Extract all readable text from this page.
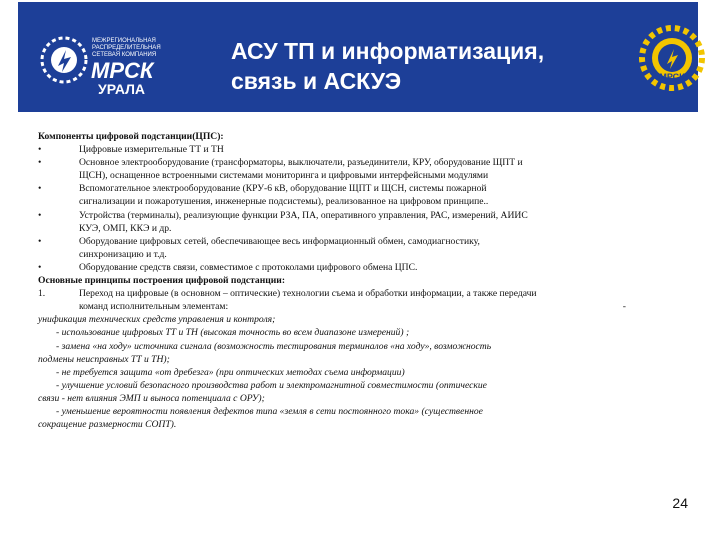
МЕЖРЕГИОНАЛЬНАЯ
РАСПРЕДЕЛИТЕЛЬНАЯ
СЕТЕВАЯ КОМПАНИЯ
МРСК
УРАЛА
АСУ ТП и информатизация,
связь и АСКУЭ	МРСК
Компоненты цифровой подстанции(ЦПС):
•	Цифровые измерительные ТТ и ТН
•	Основное электрооборудование (трансформаторы, выключатели, разъединители, КРУ, оборудование ЩПТ и
ЩСН), оснащенное встроенными системами мониторинга и цифровыми интерфейсными модулями
•	Вспомогательное электрооборудование (КРУ-6 кВ, оборудование ЩПТ и ЩСН, системы пожарной
сигнализации и пожаротушения, инженерные подсистемы), реализованное на цифровом принципе..
•	Устройства (терминалы), реализующие функции РЗА, ПА, оперативного управления, РАС, измерений, АИИС
КУЭ, ОМП, ККЭ и др.
•	Оборудование цифровых сетей, обеспечивающее весь информационный обмен, самодиагностику,
синхронизацию и т.д.
•	Оборудование средств связи, совместимое с протоколами цифрового обмена ЦПС.
Основные принципы построения цифровой подстанции:
1.	Переход на цифровые (в основном – оптические) технологии съема и обработки информации, а также передачи
команд исполнительным элементам:	-
унификация технических средств управления и контроля;
- использование цифровых ТТ и ТН (высокая точность во всем диапазоне измерений) ;
- замена «на ходу» источника сигнала (возможность тестирования терминалов «на ходу», возможность
подмены неисправных ТТ и ТН);
- не требуется защита «от дребезга» (при оптических методах съема информации)
- улучшение условий безопасного производства работ и электромагнитной совместимости (оптические
связи - нет влияния ЭМП и выноса потенциала с ОРУ);
- уменьшение вероятности появления дефектов типа «земля в сети постоянного тока» (существенное
сокращение размерности СОПТ).
24
